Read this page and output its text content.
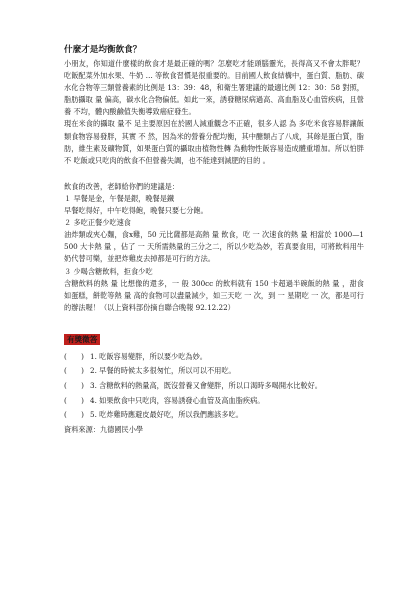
什麼才是均衡飲食？

小朋友，你知道什麼樣的飲食才是最正確的嗎？怎麼吃才能頭腦靈光，長得高又不會太胖呢？吃飯配菜外加水果、牛奶 … 等飲食習慣是很重要的。目前國人飲食結構中，蛋白質、脂肪、碳水化合物等三類營養素的比例是 13：39：48，和衛生署建議的最適比例 12：30：58 對照，脂肪攝取 量 偏高，碳水化合物偏低。如此一來，誘發糖尿病過高、高血脂及心血管疾病，且營養 不均，體內酸鹼值失衡導致癌症發生。

現在米食的攝取 量不 足主要原因在於國人減重觀念不正確，很多人認 為 多吃米食容易胖讓飯類食物容易發胖，其實 不 然，因為米的營養分配均衡，其中醣類占了八成，其餘是蛋白質，脂肪，維生素及礦物質，如果蛋白質的攝取由植物性轉 為動物性飯容易造成體重增加。所以怕胖 不 吃飯或只吃肉的飲食不但營養失調，也不能達到減肥的目的 。

飲食的改善，老師給你們的建議是：

１ 早餐是金，午餐是銀，晚餐是鐵

早餐吃得好，中午吃得飽，晚餐只要七分飽。

２ 多吃正餐少吃速食

油炸類或夾心麵，食x雞，50 元比薩都是高熱 量 飲食，吃 一 次速食的熱 量 相當於 1000—1500 大卡熱 量 ，佔了 一 天所需熱量的三分之二，所以少吃為妙，若真要食用，可將飲料用牛奶代替可樂，並把炸雞皮去掉都是可行的方法。

３ 少喝含糖飲料，拒食少吃

含糖飲料的熱 量 比想像的還多，一 般 300cc 的飲料就有 150 卡超過半碗飯的熱 量 ，甜食如蛋糕，餅乾等熱 量 高的食物可以盡量減少，如三天吃 一 次，到 一 星期吃 一 次，都是可行的辦法喔！（以上資料部份摘自聯合晚報 92.12.22）

有獎徵答
(　　) 1. 吃飯容易變胖，所以要少吃為妙。
(　　) 2. 早餐的時候太多很匆忙，所以可以不用吃。
(　　) 3. 含糖飲料的熱量高，既沒營養又會變胖，所以口渴時多喝開水比較好。
(　　) 4. 如果飲食中只吃肉，容易誘發心血管及高血脂疾病。
(　　) 5. 吃炸雞時應避皮最好吃，所以我們應該多吃。

資料來源：九德國民小學
